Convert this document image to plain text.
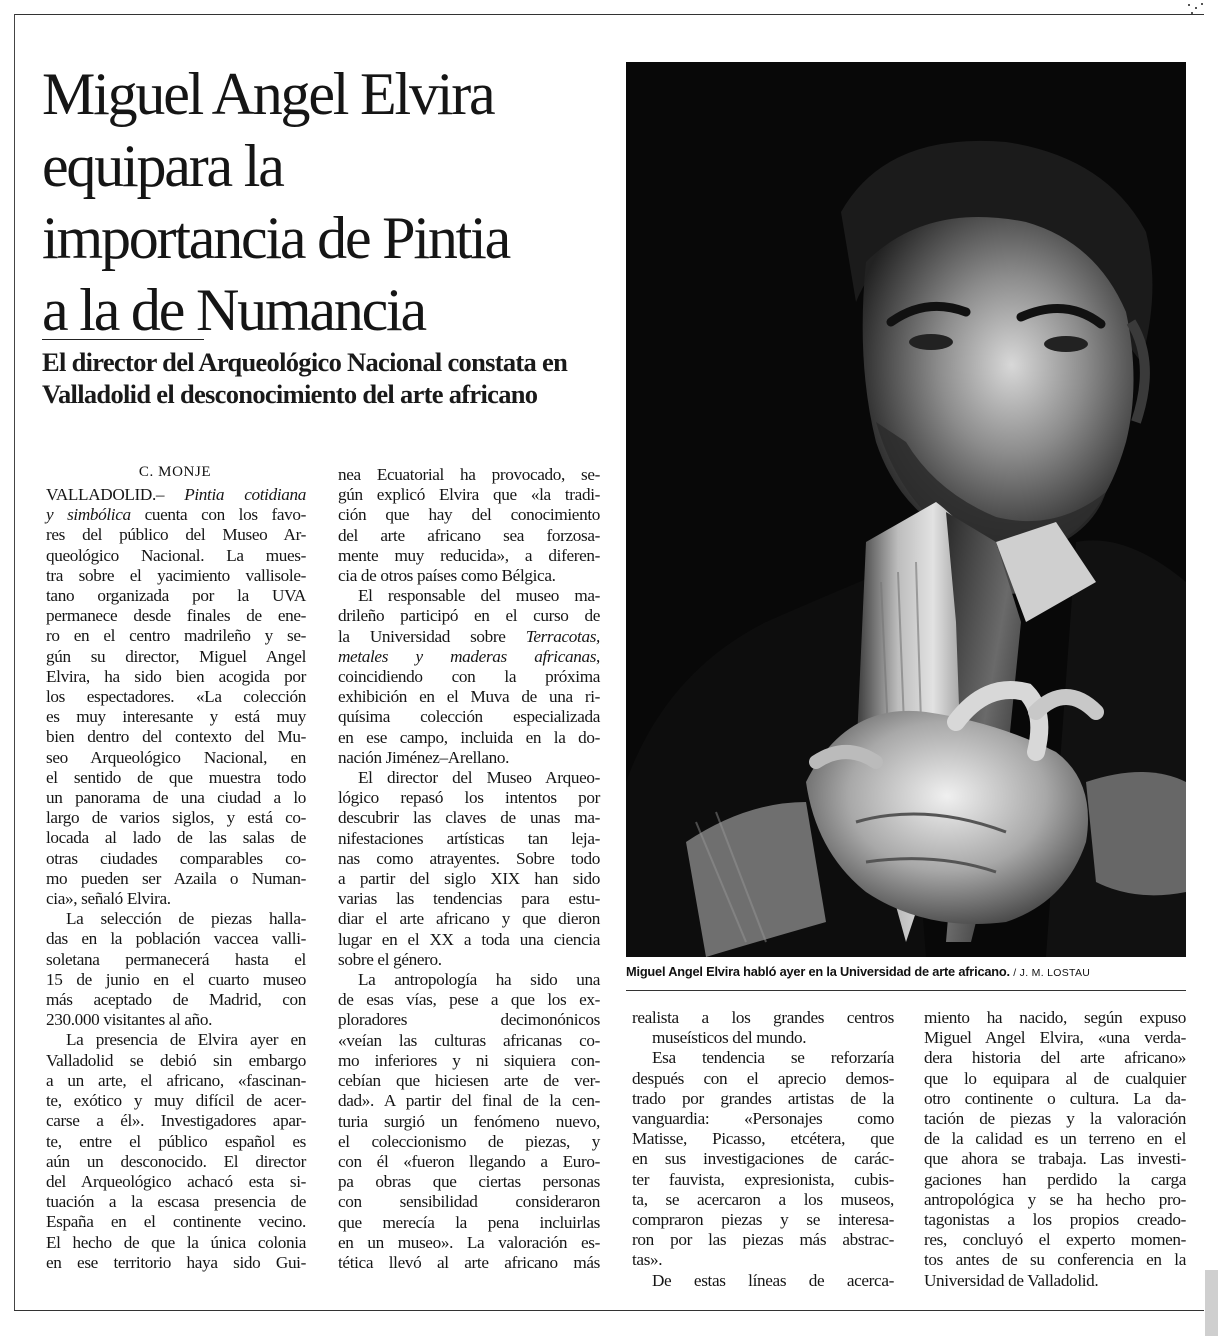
Miguel Angel Elvira
equipara la
importancia de Pintia
a la de Numancia
El director del Arqueológico Nacional constata en
Valladolid el desconocimiento del arte africano
Miguel Angel Elvira habló ayer en la Universidad de arte africano. / J. M. LOSTAU

C. MONJE

VALLADOLID.– Pintia cotidiana
y simbólica cuenta con los favo-
res del público del Museo Ar-
queológico Nacional. La mues-
tra sobre el yacimiento vallisole-
tano organizada por la UVA
permanece desde finales de ene-
ro en el centro madrileño y se-
gún su director, Miguel Angel
Elvira, ha sido bien acogida por
los espectadores. «La colección
es muy interesante y está muy
bien dentro del contexto del Mu-
seo Arqueológico Nacional, en
el sentido de que muestra todo
un panorama de una ciudad a lo
largo de varios siglos, y está co-
locada al lado de las salas de
otras ciudades comparables co-
mo pueden ser Azaila o Numan-
cia», señaló Elvira.
La selección de piezas halla-
das en la población vaccea valli-
soletana permanecerá hasta el
15 de junio en el cuarto museo
más aceptado de Madrid, con
230.000 visitantes al año.
La presencia de Elvira ayer en
Valladolid se debió sin embargo
a un arte, el africano, «fascinan-
te, exótico y muy difícil de acer-
carse a él». Investigadores apar-
te, entre el público español es
aún un desconocido. El director
del Arqueológico achacó esta si-
tuación a la escasa presencia de
España en el continente vecino.
El hecho de que la única colonia
en ese territorio haya sido Gui-
nea Ecuatorial ha provocado, se-
gún explicó Elvira que «la tradi-
ción que hay del conocimiento
del arte africano sea forzosa-
mente muy reducida», a diferen-
cia de otros países como Bélgica.
El responsable del museo ma-
drileño participó en el curso de
la Universidad sobre Terracotas,
metales y maderas africanas,
coincidiendo con la próxima
exhibición en el Muva de una ri-
quísima colección especializada
en ese campo, incluida en la do-
nación Jiménez–Arellano.
El director del Museo Arqueo-
lógico repasó los intentos por
descubrir las claves de unas ma-
nifestaciones artísticas tan leja-
nas como atrayentes. Sobre todo
a partir del siglo XIX han sido
varias las tendencias para estu-
diar el arte africano y que dieron
lugar en el XX a toda una ciencia
sobre el género.
La antropología ha sido una
de esas vías, pese a que los ex-
ploradores decimonónicos
«veían las culturas africanas co-
mo inferiores y ni siquiera con-
cebían que hiciesen arte de ver-
dad». A partir del final de la cen-
turia surgió un fenómeno nuevo,
el coleccionismo de piezas, y
con él «fueron llegando a Euro-
pa obras que ciertas personas
con sensibilidad consideraron
que merecía la pena incluirlas
en un museo». La valoración es-
tética llevó al arte africano más
realista a los grandes centros
museísticos del mundo.
Esa tendencia se reforzaría
después con el aprecio demos-
trado por grandes artistas de la
vanguardia: «Personajes como
Matisse, Picasso, etcétera, que
en sus investigaciones de carác-
ter fauvista, expresionista, cubis-
ta, se acercaron a los museos,
compraron piezas y se interesa-
ron por las piezas más abstrac-
tas».
De estas líneas de acerca-
miento ha nacido, según expuso
Miguel Angel Elvira, «una verda-
dera historia del arte africano»
que lo equipara al de cualquier
otro continente o cultura. La da-
tación de piezas y la valoración
de la calidad es un terreno en el
que ahora se trabaja. Las investi-
gaciones han perdido la carga
antropológica y se ha hecho pro-
tagonistas a los propios creado-
res, concluyó el experto momen-
tos antes de su conferencia en la
Universidad de Valladolid.
